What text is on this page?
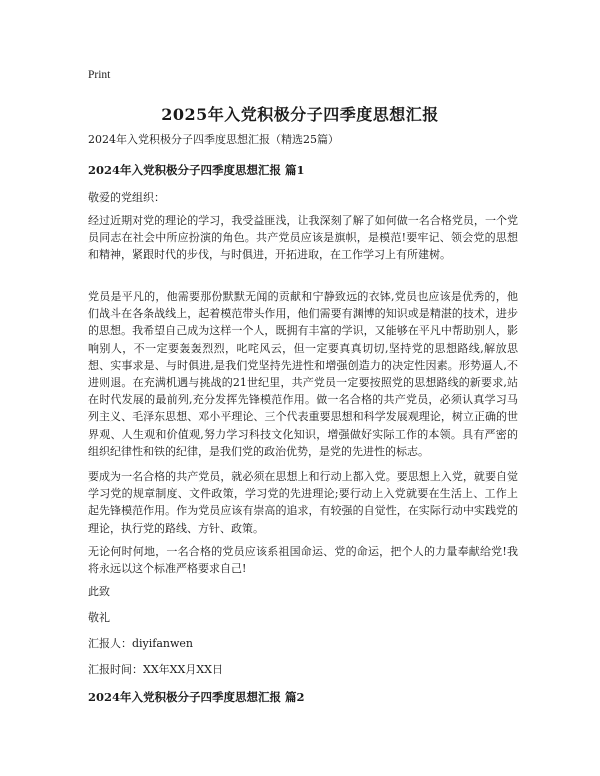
Print
2025年入党积极分子四季度思想汇报
2024年入党积极分子四季度思想汇报（精选25篇）
2024年入党积极分子四季度思想汇报 篇1
敬爱的党组织：

经过近期对党的理论的学习，我受益匪浅，让我深刻了解了如何做一名合格党员，一个党员同志在社会中所应扮演的角色。共产党员应该是旗帜，是模范!要牢记、领会党的思想和精神，紧跟时代的步伐，与时俱进，开拓进取，在工作学习上有所建树。

党员是平凡的，他需要那份默默无闻的贡献和宁静致远的衣钵,党员也应该是优秀的，他们战斗在各条战线上，起着模范带头作用，他们需要有渊博的知识或是精湛的技术，进步的思想。我希望自己成为这样一个人，既拥有丰富的学识，又能够在平凡中帮助别人，影响别人，不一定要轰轰烈烈，叱咤风云，但一定要真真切切,坚持党的思想路线,解放思想、实事求是、与时俱进,是我们党坚持先进性和增强创造力的决定性因素。形势逼人,不进则退。在充满机遇与挑战的21世纪里，共产党员一定要按照党的思想路线的新要求,站在时代发展的最前列,充分发挥先锋模范作用。做一名合格的共产党员，必须认真学习马列主义、毛泽东思想、邓小平理论、三个代表重要思想和科学发展观理论，树立正确的世界观、人生观和价值观,努力学习科技文化知识，增强做好实际工作的本领。具有严密的组织纪律性和铁的纪律，是我们党的政治优势，是党的先进性的标志。

要成为一名合格的共产党员，就必须在思想上和行动上都入党。要思想上入党，就要自觉学习党的规章制度、文件政策，学习党的先进理论;要行动上入党就要在生活上、工作上起先锋模范作用。作为党员应该有崇高的追求，有较强的自觉性，在实际行动中实践党的理论，执行党的路线、方针、政策。

无论何时何地，一名合格的党员应该系祖国命运、党的命运，把个人的力量奉献给党!我将永远以这个标准严格要求自己!

此致
敬礼
汇报人：diyifanwen
汇报时间：XX年XX月XX日
2024年入党积极分子四季度思想汇报 篇2
